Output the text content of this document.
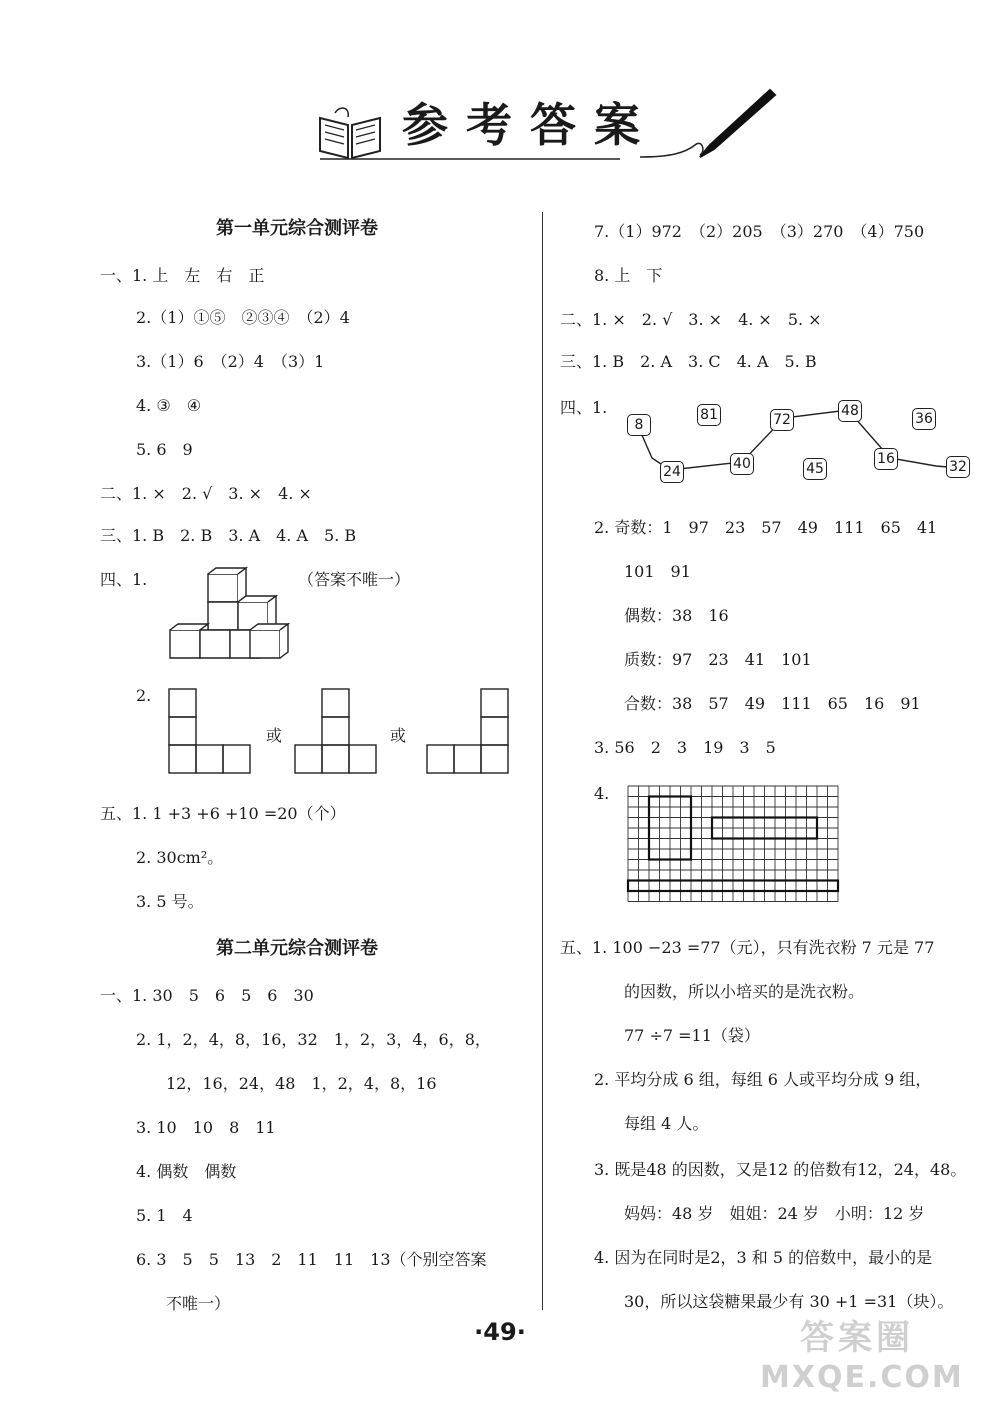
参考答案
第一单元综合测评卷
一、1. 上　左　右　正
2.（1）①⑤　②③④　（2）4
3.（1）6　（2）4　（3）1
4. ③　④
5. 6　9
二、1. ×　2. √　3. ×　4. ×
三、1. B　2. B　3. A　4. A　5. B
四、1.	（答案不唯一）
2.
或	或
五、1. 1 +3 +6 +10 =20（个）
2. 30cm²。
3. 5 号。
第二单元综合测评卷
一、1. 30　5　6　5　6　30
2. 1，2，4，8，16，32　1，2，3，4，6，8，
12，16，24，48　1，2，4，8，16
3. 10　10　8　11
4. 偶数　偶数
5. 1　4
6. 3　5　5　13　2　11　11　13（个别空答案
不唯一）
7.（1）972　（2）205　（3）270　（4）750
8. 上　下
二、1. ×　2. √　3. ×　4. ×　5. ×
三、1. B　2. A　3. C　4. A　5. B
四、1.
8
81	72
48	36
24	40	45
16	32
2. 奇数：1　97　23　57　49　111　65　41
101　91
偶数：38　16
质数：97　23　41　101
合数：38　57　49　111　65　16　91
3. 56　2　3　19　3　5
4.
五、1. 100 −23 =77（元），只有洗衣粉 7 元是 77
的因数，所以小培买的是洗衣粉。
77 ÷7 =11（袋）
2. 平均分成 6 组，每组 6 人或平均分成 9 组，
每组 4 人。
3. 既是48 的因数，又是12 的倍数有12，24，48。
妈妈：48 岁　姐姐：24 岁　小明：12 岁
4. 因为在同时是2，3 和 5 的倍数中，最小的是
30，所以这袋糖果最少有 30 +1 =31（块）。
·49·	答案圈
MXQE.COM
